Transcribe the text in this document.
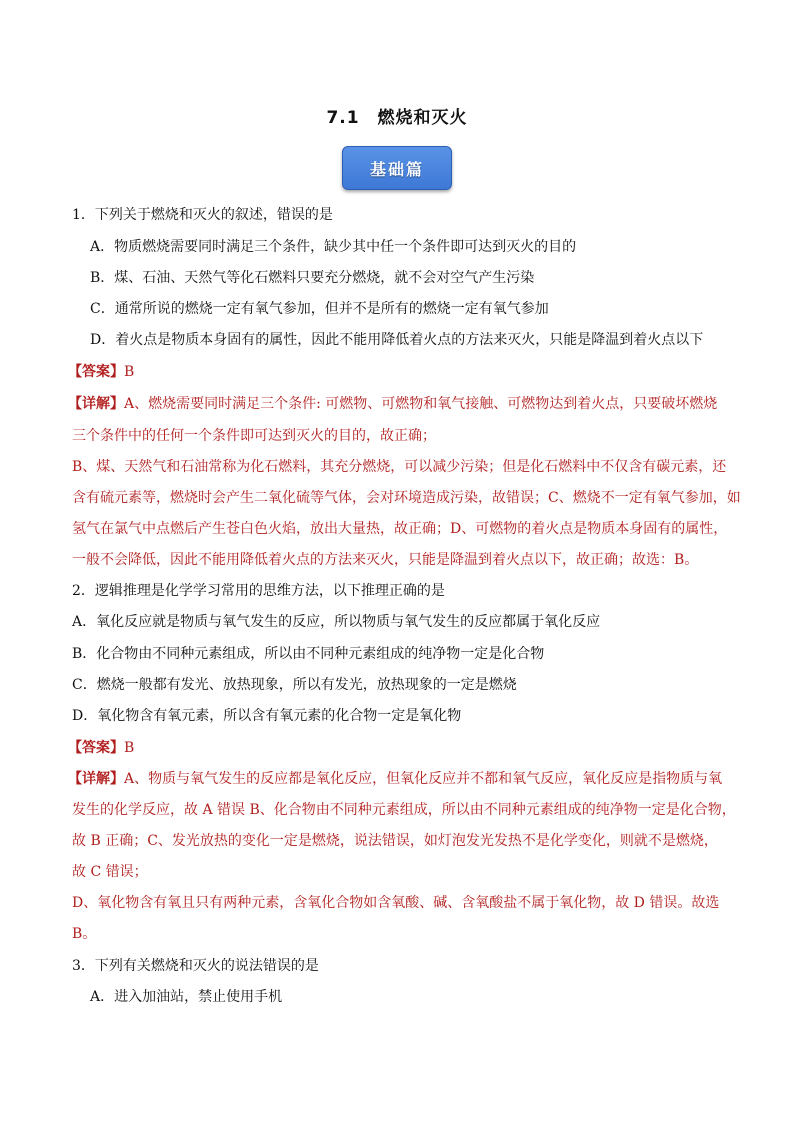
7.1　燃烧和灭火
基础篇
1．下列关于燃烧和灭火的叙述，错误的是
A．物质燃烧需要同时满足三个条件，缺少其中任一个条件即可达到灭火的目的
B．煤、石油、天然气等化石燃料只要充分燃烧，就不会对空气产生污染
C．通常所说的燃烧一定有氧气参加，但并不是所有的燃烧一定有氧气参加
D．着火点是物质本身固有的属性，因此不能用降低着火点的方法来灭火，只能是降温到着火点以下
【答案】B
【详解】A、燃烧需要同时满足三个条件: 可燃物、可燃物和氧气接触、可燃物达到着火点，只要破坏燃烧
三个条件中的任何一个条件即可达到灭火的目的，故正确；
B、煤、天然气和石油常称为化石燃料，其充分燃烧，可以减少污染；但是化石燃料中不仅含有碳元素，还
含有硫元素等，燃烧时会产生二氧化硫等气体，会对环境造成污染，故错误；C、燃烧不一定有氧气参加，如
氢气在氯气中点燃后产生苍白色火焰，放出大量热，故正确；D、可燃物的着火点是物质本身固有的属性，
一般不会降低，因此不能用降低着火点的方法来灭火，只能是降温到着火点以下，故正确；故选：B。
2．逻辑推理是化学学习常用的思维方法，以下推理正确的是
A．氧化反应就是物质与氧气发生的反应，所以物质与氧气发生的反应都属于氧化反应
B．化合物由不同种元素组成，所以由不同种元素组成的纯净物一定是化合物
C．燃烧一般都有发光、放热现象，所以有发光，放热现象的一定是燃烧
D．氧化物含有氧元素，所以含有氧元素的化合物一定是氧化物
【答案】B
【详解】A、物质与氧气发生的反应都是氧化反应，但氧化反应并不都和氧气反应，氧化反应是指物质与氧
发生的化学反应，故 A 错误 B、化合物由不同种元素组成，所以由不同种元素组成的纯净物一定是化合物，
故 B 正确；C、发光放热的变化一定是燃烧，说法错误，如灯泡发光发热不是化学变化，则就不是燃烧，
故 C 错误；
D、氧化物含有氧且只有两种元素，含氧化合物如含氧酸、碱、含氧酸盐不属于氧化物，故 D 错误。故选
B。
3．下列有关燃烧和灭火的说法错误的是
A．进入加油站，禁止使用手机
